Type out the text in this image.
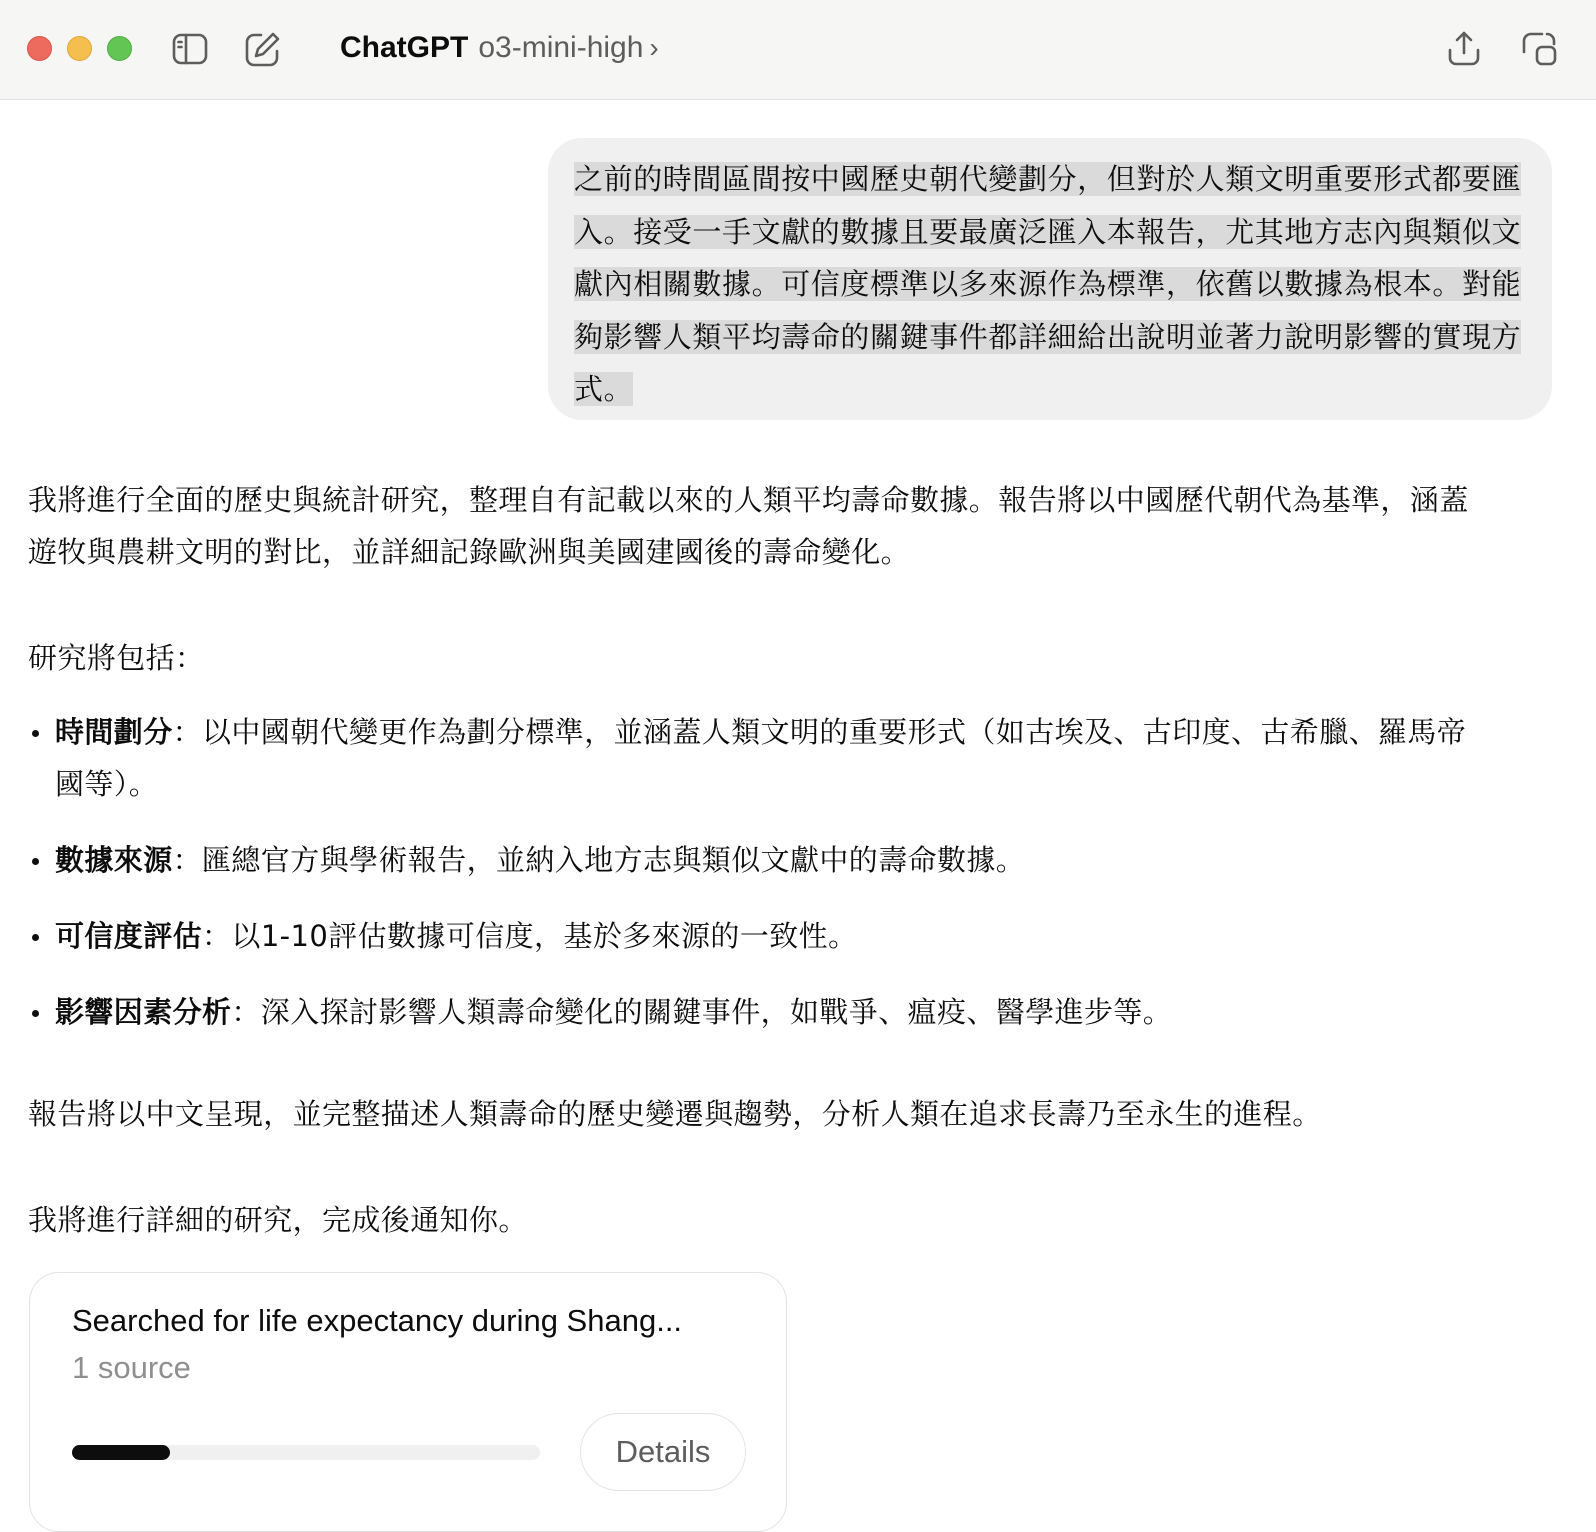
ChatGPT o3-mini-high ›
之前的時間區間按中國歷史朝代變劃分，但對於人類文明重要形式都要匯入。接受一手文獻的數據且要最廣泛匯入本報告，尤其地方志內與類似文獻內相關數據。可信度標準以多來源作為標準，依舊以數據為根本。對能夠影響人類平均壽命的關鍵事件都詳細給出說明並著力說明影響的實現方式。

我將進行全面的歷史與統計研究，整理自有記載以來的人類平均壽命數據。報告將以中國歷代朝代為基準，涵蓋遊牧與農耕文明的對比，並詳細記錄歐洲與美國建國後的壽命變化。

研究將包括：

時間劃分：以中國朝代變更作為劃分標準，並涵蓋人類文明的重要形式（如古埃及、古印度、古希臘、羅馬帝國等）。
數據來源：匯總官方與學術報告，並納入地方志與類似文獻中的壽命數據。
可信度評估：以1-10評估數據可信度，基於多來源的一致性。
影響因素分析：深入探討影響人類壽命變化的關鍵事件，如戰爭、瘟疫、醫學進步等。

報告將以中文呈現，並完整描述人類壽命的歷史變遷與趨勢，分析人類在追求長壽乃至永生的進程。

我將進行詳細的研究，完成後通知你。

Searched for life expectancy during Shang...
1 source
Details
